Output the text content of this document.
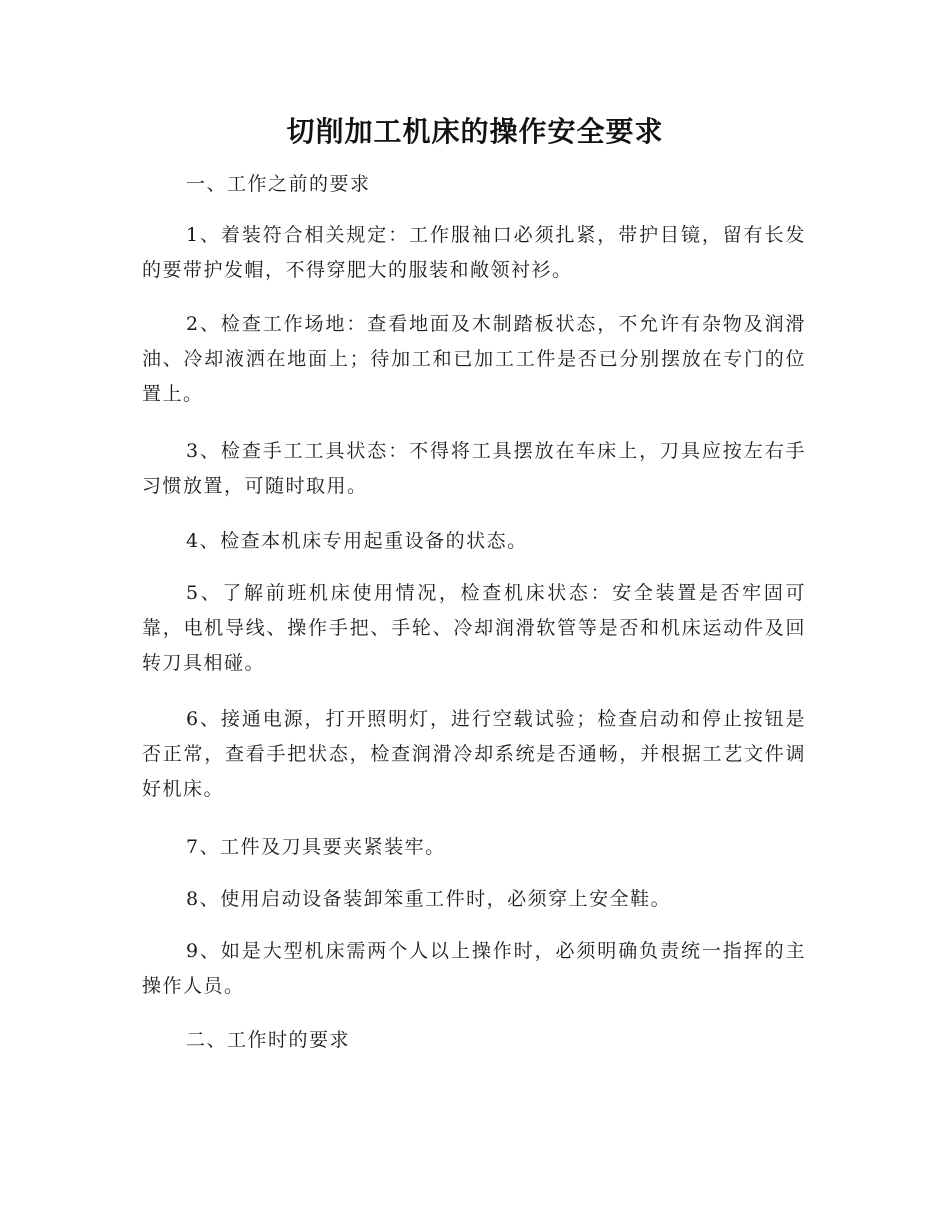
切削加工机床的操作安全要求

一、工作之前的要求

1、着装符合相关规定：工作服袖口必须扎紧，带护目镜，留有长发的要带护发帽，不得穿肥大的服装和敞领衬衫。

2、检查工作场地：查看地面及木制踏板状态，不允许有杂物及润滑油、冷却液洒在地面上；待加工和已加工工件是否已分别摆放在专门的位置上。

3、检查手工工具状态：不得将工具摆放在车床上，刀具应按左右手习惯放置，可随时取用。

4、检查本机床专用起重设备的状态。

5、了解前班机床使用情况，检查机床状态：安全装置是否牢固可靠，电机导线、操作手把、手轮、冷却润滑软管等是否和机床运动件及回转刀具相碰。

6、接通电源，打开照明灯，进行空载试验；检查启动和停止按钮是否正常，查看手把状态，检查润滑冷却系统是否通畅，并根据工艺文件调好机床。

7、工件及刀具要夹紧装牢。

8、使用启动设备装卸笨重工件时，必须穿上安全鞋。

9、如是大型机床需两个人以上操作时，必须明确负责统一指挥的主操作人员。

二、工作时的要求
